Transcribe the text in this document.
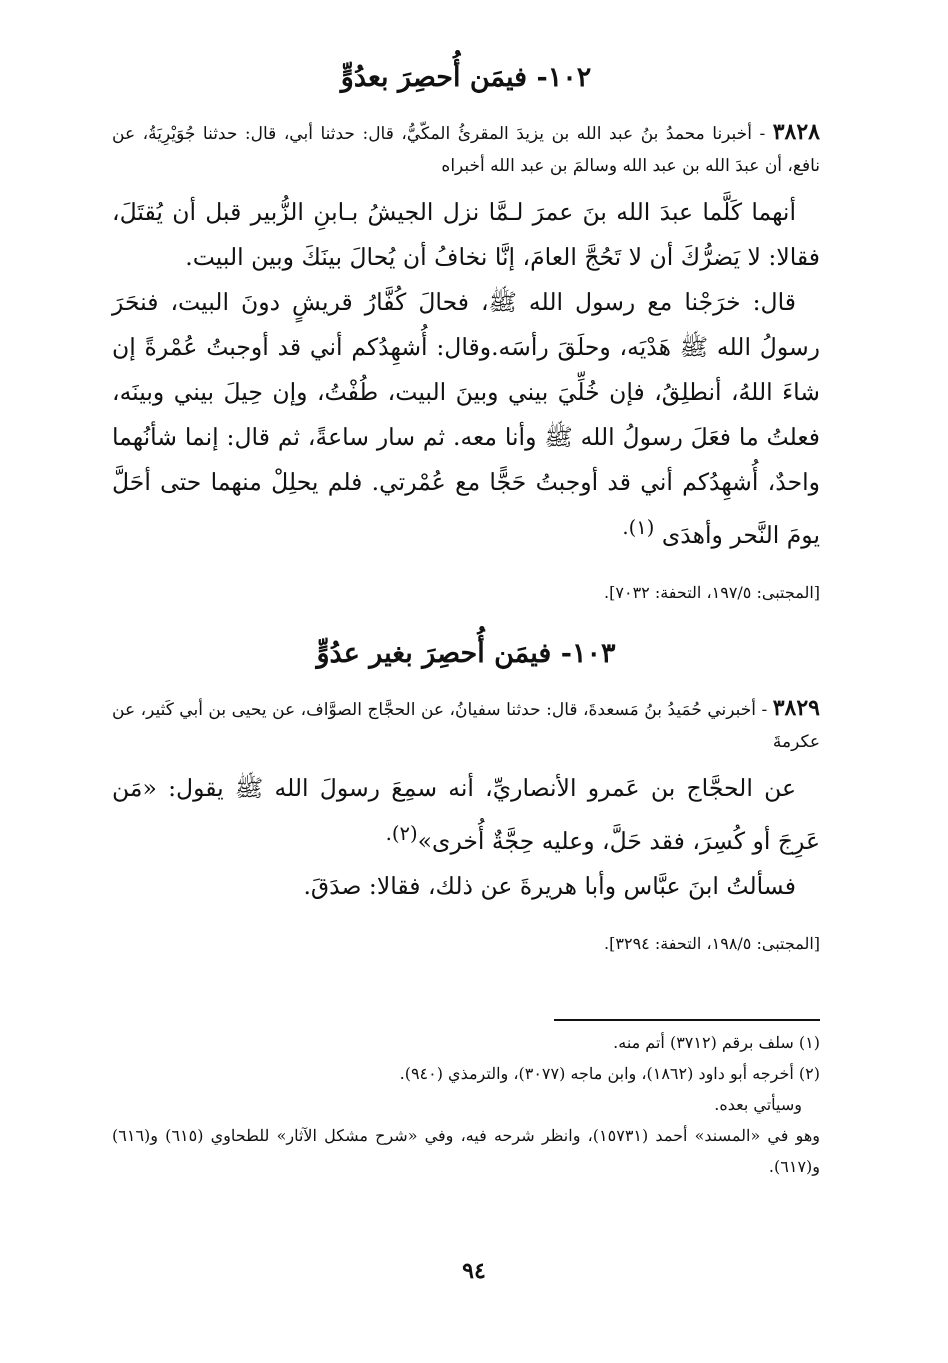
١٠٢- فيمَن أُحصِرَ بعدُوٍّ

٣٨٢٨ - أخبرنا محمدُ بنُ عبد الله بن يزيدَ المقرئُ المكّيُّ، قال: حدثنا أبي، قال: حدثنا جُوَيْرِيَةُ، عن نافع، أن عبدَ الله بن عبد الله وسالمَ بن عبد الله أخبراه

أنهما كَلَّما عبدَ الله بنَ عمرَ لـمَّا نزل الجيشُ بـابنِ الزُّبير قبل أن يُقتَلَ، فقالا: لا يَضرُّكَ أن لا تَحُجَّ العامَ، إنَّا نخافُ أن يُحالَ بينَكَ وبين البيت.

قال: خرَجْنا مع رسول الله ﷺ، فحالَ كُفَّارُ قريشٍ دونَ البيت، فنحَرَ رسولُ الله ﷺ هَدْيَه، وحلَقَ رأسَه.وقال: أُشهِدُكم أني قد أوجبتُ عُمْرةً إن شاءَ اللهُ، أنطلِقُ، فإن خُلِّيَ بيني وبينَ البيت، طُفْتُ، وإن حِيلَ بيني وبينَه، فعلتُ ما فعَلَ رسولُ الله ﷺ وأنا معه. ثم سار ساعةً، ثم قال: إنما شأنُهما واحدٌ، أُشهِدُكم أني قد أوجبتُ حَجًّا مع عُمْرتي. فلم يحلِلْ منهما حتى أحَلَّ يومَ النَّحر وأهدَى $^{(١).}$

[المجتبى: ١٩٧/٥، التحفة: ٧٠٣٢].

١٠٣- فيمَن أُحصِرَ بغير عدُوٍّ

٣٨٢٩ - أخبرني حُمَيدُ بنُ مَسعدةَ، قال: حدثنا سفيانُ، عن الحجَّاج الصوَّاف، عن يحيى بن أبي كَثير، عن عكرمةَ

عن الحجَّاج بن عَمرو الأنصاريِّ، أنه سمِعَ رسولَ الله ﷺ يقول: «مَن عَرِجَ أو كُسِرَ، فقد حَلَّ، وعليه حِجَّةٌ أُخرى»$^{(٢).}$

فسألتُ ابنَ عبَّاس وأبا هريرةَ عن ذلك، فقالا: صدَقَ.

[المجتبى: ١٩٨/٥، التحفة: ٣٢٩٤].

(١) سلف برقم (٣٧١٢) أتم منه.

(٢) أخرجه أبو داود (١٨٦٢)، وابن ماجه (٣٠٧٧)، والترمذي (٩٤٠).

وسيأتي بعده.

وهو في «المسند» أحمد (١٥٧٣١)، وانظر شرحه فيه، وفي «شرح مشكل الآثار» للطحاوي (٦١٥) و(٦١٦) و(٦١٧).

٩٤
